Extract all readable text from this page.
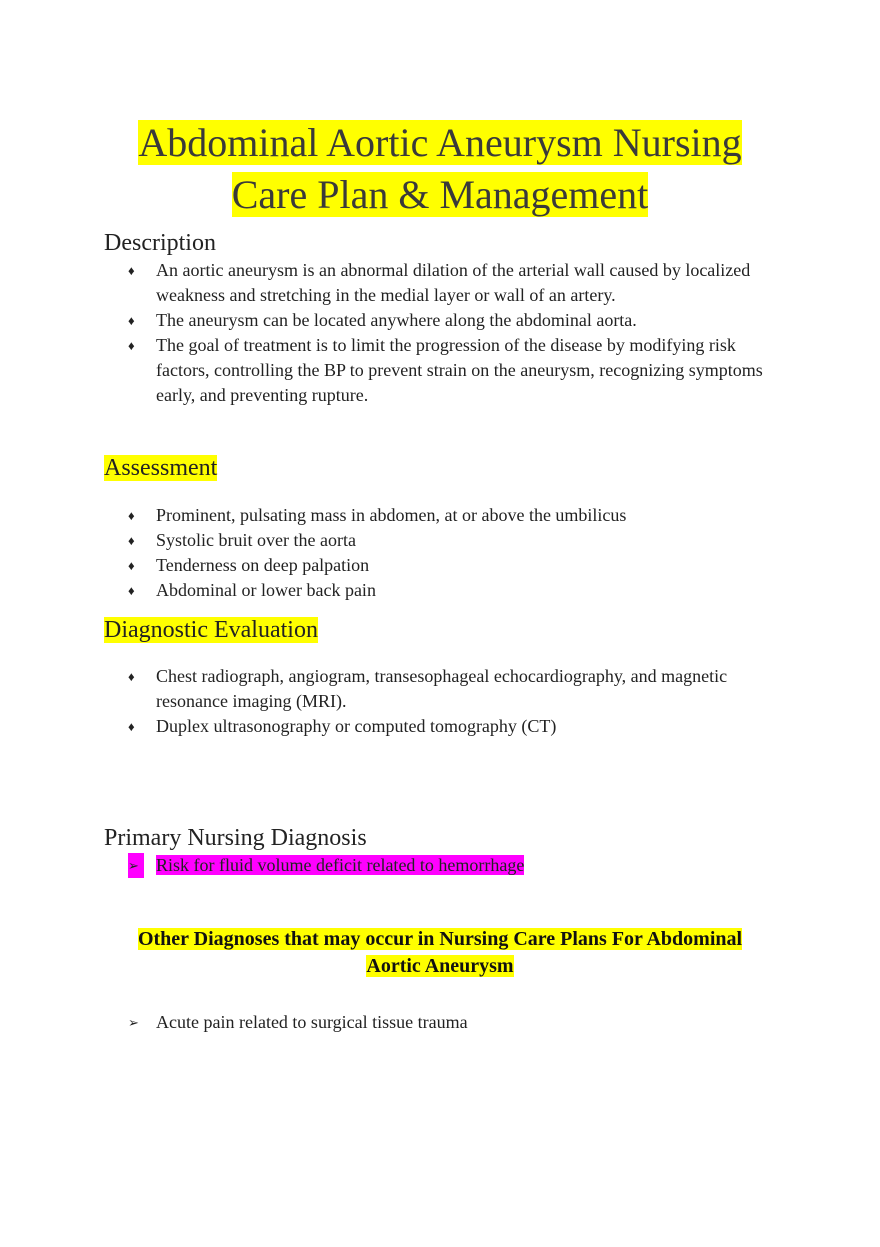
Abdominal Aortic Aneurysm Nursing
Care Plan & Management
Description
♦	An aortic aneurysm is an abnormal dilation of the arterial wall caused by localized weakness and stretching in the medial layer or wall of an artery.
♦	The aneurysm can be located anywhere along the abdominal aorta.
♦	The goal of treatment is to limit the progression of the disease by modifying risk factors, controlling the BP to prevent strain on the aneurysm, recognizing symptoms early, and preventing rupture.
Assessment
♦	Prominent, pulsating mass in abdomen, at or above the umbilicus
♦	Systolic bruit over the aorta
♦	Tenderness on deep palpation
♦	Abdominal or lower back pain
Diagnostic Evaluation
♦	Chest radiograph, angiogram, transesophageal echocardiography, and magnetic resonance imaging (MRI).
♦	Duplex ultrasonography or computed tomography (CT)
Primary Nursing Diagnosis
➢ Risk for fluid volume deficit related to hemorrhage
Other Diagnoses that may occur in Nursing Care Plans For Abdominal
Aortic Aneurysm
➢ Acute pain related to surgical tissue trauma
